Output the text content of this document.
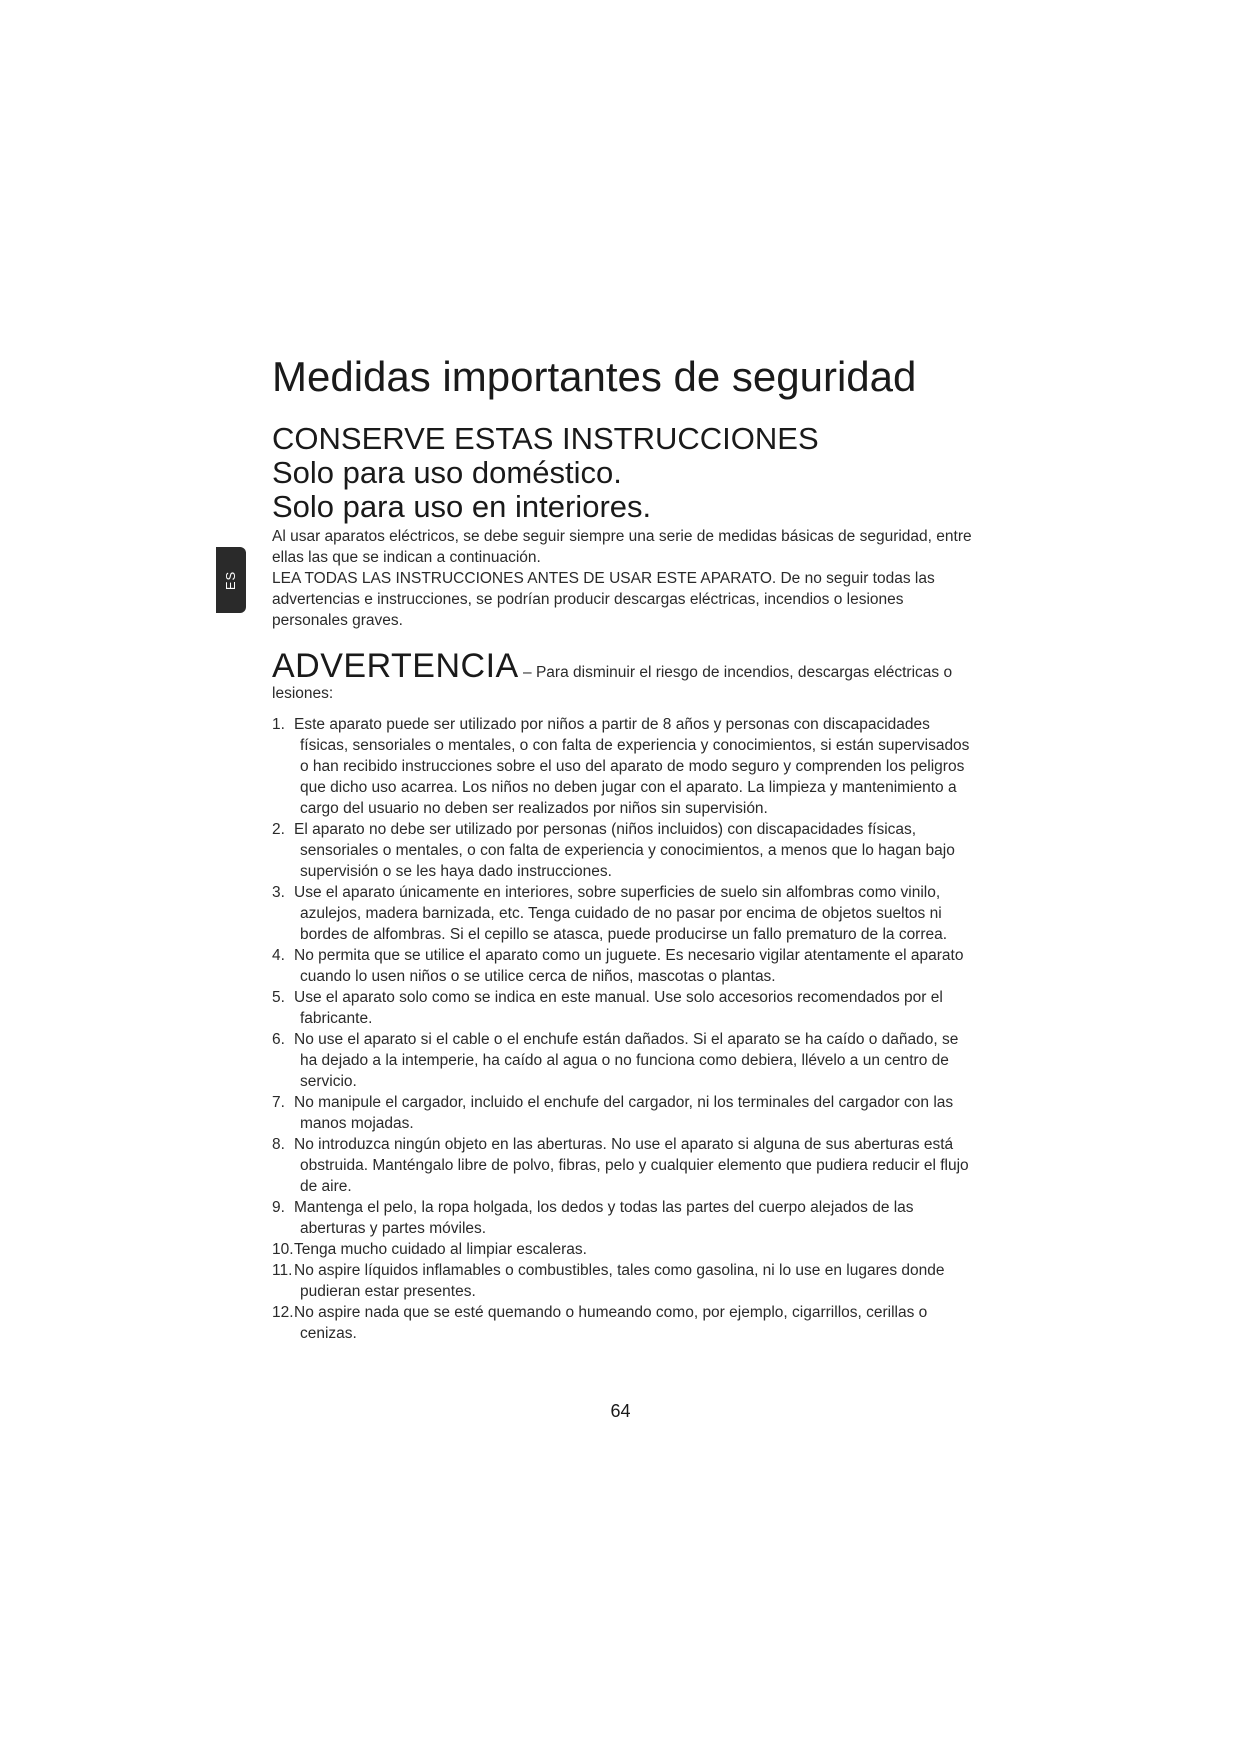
ES
Medidas importantes de seguridad
CONSERVE ESTAS INSTRUCCIONES
Solo para uso doméstico.
Solo para uso en interiores.

Al usar aparatos eléctricos, se debe seguir siempre una serie de medidas básicas de seguridad, entre ellas las que se indican a continuación.

LEA TODAS LAS INSTRUCCIONES ANTES DE USAR ESTE APARATO. De no seguir todas las advertencias e instrucciones, se podrían producir descargas eléctricas, incendios o lesiones personales graves.

ADVERTENCIA – Para disminuir el riesgo de incendios, descargas eléctricas o lesiones:
1. Este aparato puede ser utilizado por niños a partir de 8 años y personas con discapacidades físicas, sensoriales o mentales, o con falta de experiencia y conocimientos, si están supervisados o han recibido instrucciones sobre el uso del aparato de modo seguro y comprenden los peligros que dicho uso acarrea. Los niños no deben jugar con el aparato. La limpieza y mantenimiento a cargo del usuario no deben ser realizados por niños sin supervisión.
2. El aparato no debe ser utilizado por personas (niños incluidos) con discapacidades físicas, sensoriales o mentales, o con falta de experiencia y conocimientos, a menos que lo hagan bajo supervisión o se les haya dado instrucciones.
3. Use el aparato únicamente en interiores, sobre superficies de suelo sin alfombras como vinilo, azulejos, madera barnizada, etc. Tenga cuidado de no pasar por encima de objetos sueltos ni bordes de alfombras. Si el cepillo se atasca, puede producirse un fallo prematuro de la correa.
4. No permita que se utilice el aparato como un juguete. Es necesario vigilar atentamente el aparato cuando lo usen niños o se utilice cerca de niños, mascotas o plantas.
5. Use el aparato solo como se indica en este manual. Use solo accesorios recomendados por el fabricante.
6. No use el aparato si el cable o el enchufe están dañados. Si el aparato se ha caído o dañado, se ha dejado a la intemperie, ha caído al agua o no funciona como debiera, llévelo a un centro de servicio.
7. No manipule el cargador, incluido el enchufe del cargador, ni los terminales del cargador con las manos mojadas.
8. No introduzca ningún objeto en las aberturas. No use el aparato si alguna de sus aberturas está obstruida. Manténgalo libre de polvo, fibras, pelo y cualquier elemento que pudiera reducir el flujo de aire.
9. Mantenga el pelo, la ropa holgada, los dedos y todas las partes del cuerpo alejados de las aberturas y partes móviles.
10.Tenga mucho cuidado al limpiar escaleras.
11. No aspire líquidos inflamables o combustibles, tales como gasolina, ni lo use en lugares donde pudieran estar presentes.
12.No aspire nada que se esté quemando o humeando como, por ejemplo, cigarrillos, cerillas o cenizas.
64
